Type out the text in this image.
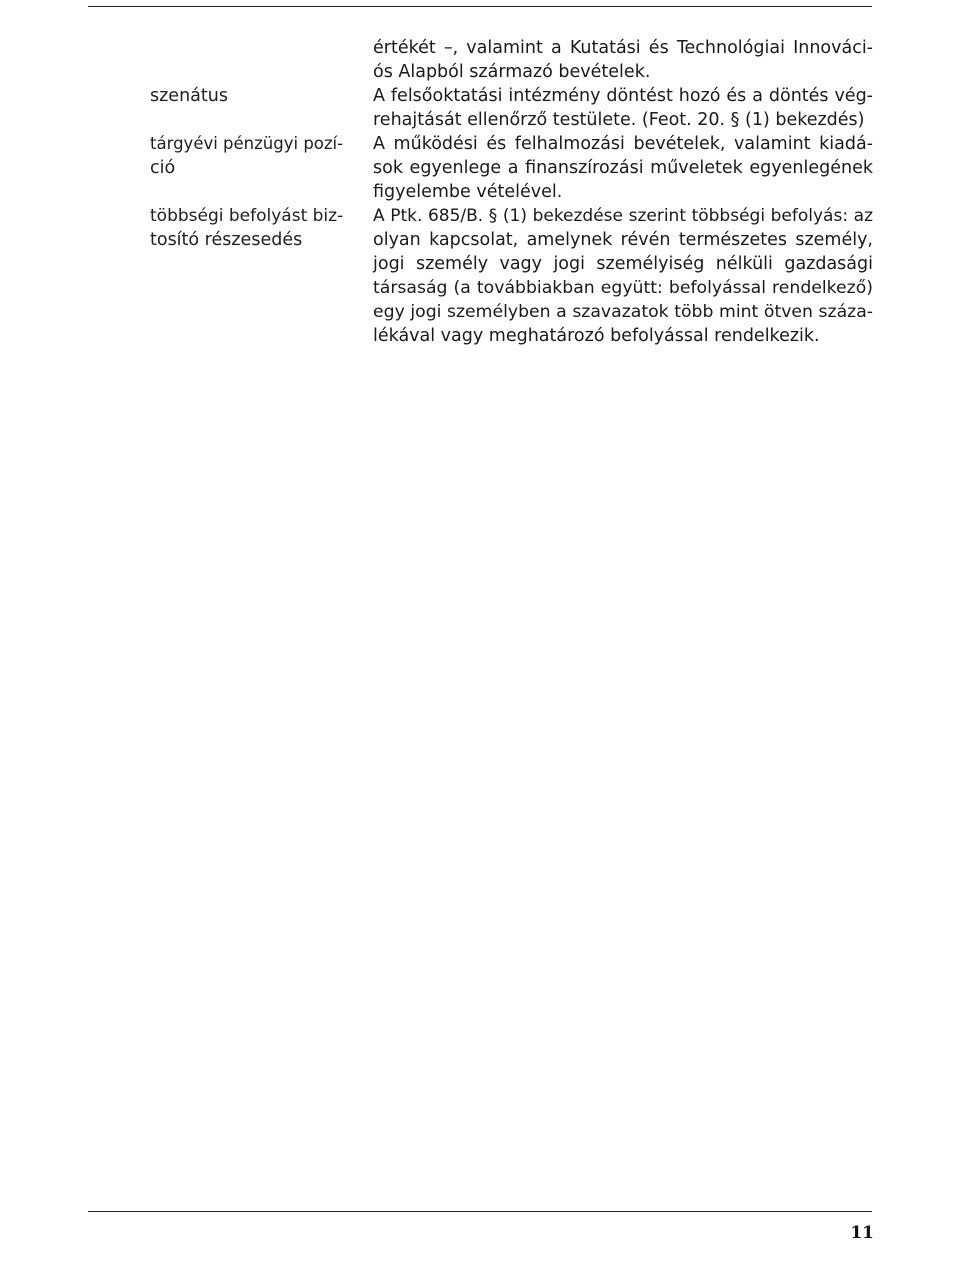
értékét –, valamint a Kutatási és Technológiai Innováci-
ós Alapból származó bevételek.
szenátus	A felsőoktatási intézmény döntést hozó és a döntés vég-
rehajtását ellenőrző testülete. (Feot. 20. § (1) bekezdés)
tárgyévi pénzügyi pozí-
ció
A működési és felhalmozási bevételek, valamint kiadá-
sok egyenlege a finanszírozási műveletek egyenlegének
figyelembe vételével.
többségi befolyást biz-
tosító részesedés
A Ptk. 685/B. § (1) bekezdése szerint többségi befolyás: az
olyan kapcsolat, amelynek révén természetes személy,
jogi személy vagy jogi személyiség nélküli gazdasági
társaság (a továbbiakban együtt: befolyással rendelkező)
egy jogi személyben a szavazatok több mint ötven száza-
lékával vagy meghatározó befolyással rendelkezik.
11
